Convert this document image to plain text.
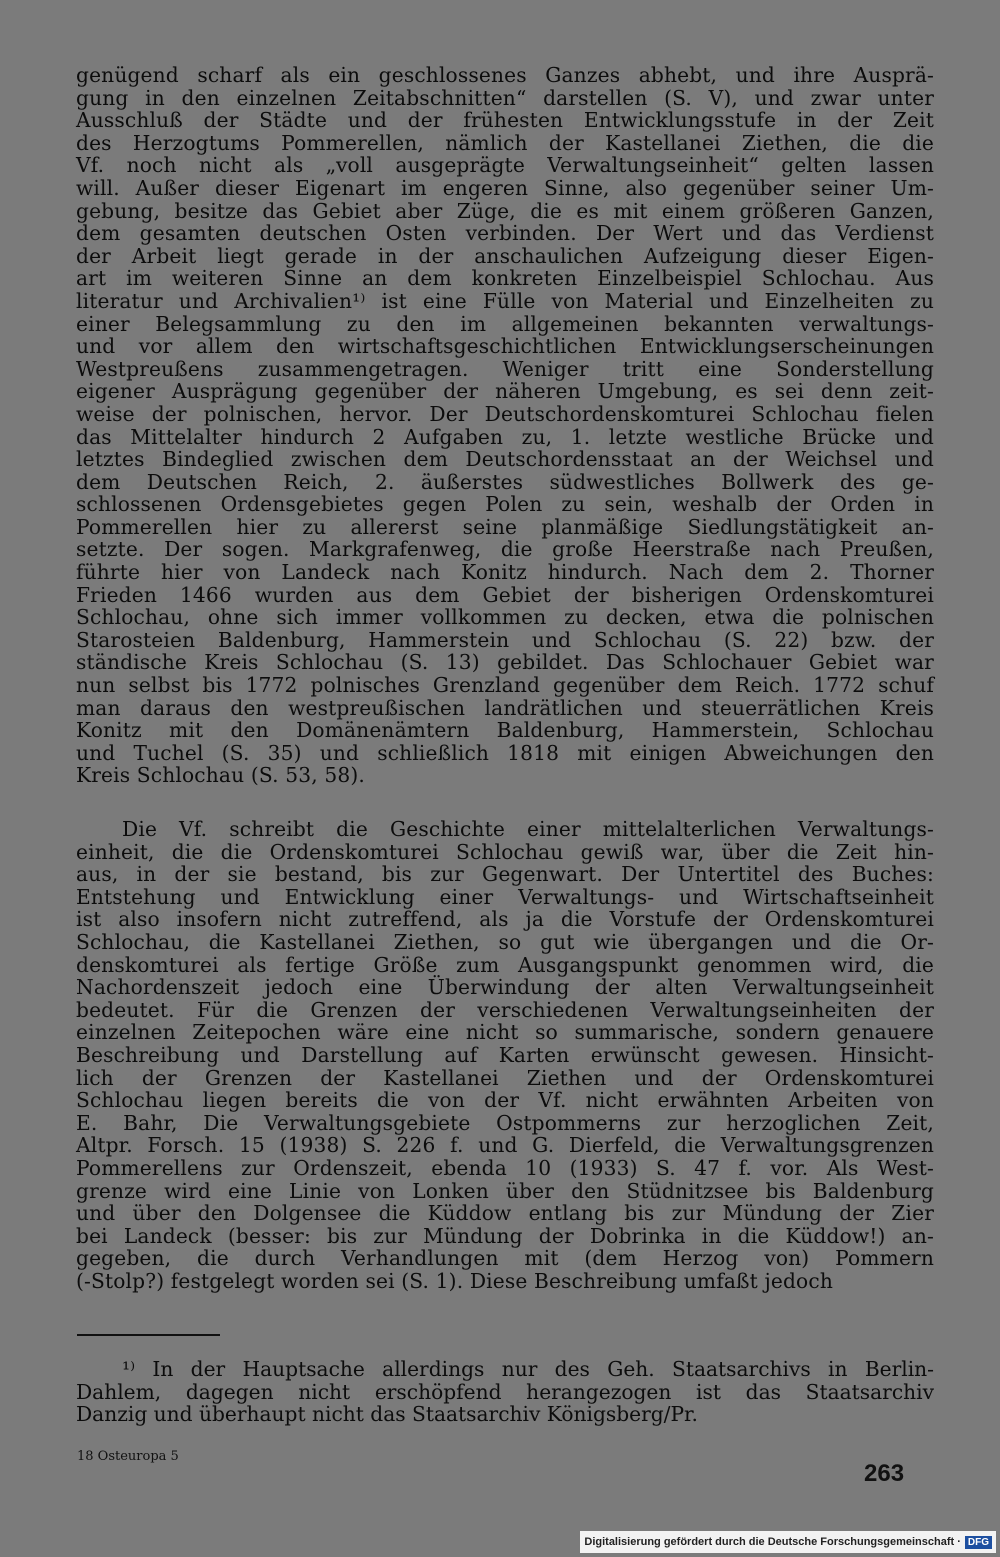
genügend scharf als ein geschlossenes Ganzes abhebt, und ihre Ausprä-
gung in den einzelnen Zeitabschnitten“ darstellen (S. V), und zwar unter
Ausschluß der Städte und der frühesten Entwicklungsstufe in der Zeit
des Herzogtums Pommerellen, nämlich der Kastellanei Ziethen, die die
Vf. noch nicht als „voll ausgeprägte Verwaltungseinheit“ gelten lassen
will. Außer dieser Eigenart im engeren Sinne, also gegenüber seiner Um-
gebung, besitze das Gebiet aber Züge, die es mit einem größeren Ganzen,
dem gesamten deutschen Osten verbinden. Der Wert und das Verdienst
der Arbeit liegt gerade in der anschaulichen Aufzeigung dieser Eigen-
art im weiteren Sinne an dem konkreten Einzelbeispiel Schlochau. Aus
literatur und Archivalien¹⁾ ist eine Fülle von Material und Einzelheiten zu
einer Belegsammlung zu den im allgemeinen bekannten verwaltungs-
und vor allem den wirtschaftsgeschichtlichen Entwicklungserscheinungen
Westpreußens zusammengetragen. Weniger tritt eine Sonderstellung
eigener Ausprägung gegenüber der näheren Umgebung, es sei denn zeit-
weise der polnischen, hervor. Der Deutschordenskomturei Schlochau fielen
das Mittelalter hindurch 2 Aufgaben zu, 1. letzte westliche Brücke und
letztes Bindeglied zwischen dem Deutschordensstaat an der Weichsel und
dem Deutschen Reich, 2. äußerstes südwestliches Bollwerk des ge-
schlossenen Ordensgebietes gegen Polen zu sein, weshalb der Orden in
Pommerellen hier zu allererst seine planmäßige Siedlungstätigkeit an-
setzte. Der sogen. Markgrafenweg, die große Heerstraße nach Preußen,
führte hier von Landeck nach Konitz hindurch. Nach dem 2. Thorner
Frieden 1466 wurden aus dem Gebiet der bisherigen Ordenskomturei
Schlochau, ohne sich immer vollkommen zu decken, etwa die polnischen
Starosteien Baldenburg, Hammerstein und Schlochau (S. 22) bzw. der
ständische Kreis Schlochau (S. 13) gebildet. Das Schlochauer Gebiet war
nun selbst bis 1772 polnisches Grenzland gegenüber dem Reich. 1772 schuf
man daraus den westpreußischen landrätlichen und steuerrätlichen Kreis
Konitz mit den Domänenämtern Baldenburg, Hammerstein, Schlochau
und Tuchel (S. 35) und schließlich 1818 mit einigen Abweichungen den
Kreis Schlochau (S. 53, 58).
Die Vf. schreibt die Geschichte einer mittelalterlichen Verwaltungs-
einheit, die die Ordenskomturei Schlochau gewiß war, über die Zeit hin-
aus, in der sie bestand, bis zur Gegenwart. Der Untertitel des Buches:
Entstehung und Entwicklung einer Verwaltungs- und Wirtschaftseinheit
ist also insofern nicht zutreffend, als ja die Vorstufe der Ordenskomturei
Schlochau, die Kastellanei Ziethen, so gut wie übergangen und die Or-
denskomturei als fertige Größe zum Ausgangspunkt genommen wird, die
Nachordenszeit jedoch eine Überwindung der alten Verwaltungseinheit
bedeutet. Für die Grenzen der verschiedenen Verwaltungseinheiten der
einzelnen Zeitepochen wäre eine nicht so summarische, sondern genauere
Beschreibung und Darstellung auf Karten erwünscht gewesen. Hinsicht-
lich der Grenzen der Kastellanei Ziethen und der Ordenskomturei
Schlochau liegen bereits die von der Vf. nicht erwähnten Arbeiten von
E. Bahr, Die Verwaltungsgebiete Ostpommerns zur herzoglichen Zeit,
Altpr. Forsch. 15 (1938) S. 226 f. und G. Dierfeld, die Verwaltungsgrenzen
Pommerellens zur Ordenszeit, ebenda 10 (1933) S. 47 f. vor. Als West-
grenze wird eine Linie von Lonken über den Stüdnitzsee bis Baldenburg
und über den Dolgensee die Küddow entlang bis zur Mündung der Zier
bei Landeck (besser: bis zur Mündung der Dobrinka in die Küddow!) an-
gegeben, die durch Verhandlungen mit (dem Herzog von) Pommern
(-Stolp?) festgelegt worden sei (S. 1). Diese Beschreibung umfaßt jedoch
¹⁾ In der Hauptsache allerdings nur des Geh. Staatsarchivs in Berlin-
Dahlem, dagegen nicht erschöpfend herangezogen ist das Staatsarchiv
Danzig und überhaupt nicht das Staatsarchiv Königsberg/Pr.
18 Osteuropa 5
263
Digitalisierung gefördert durch die Deutsche Forschungsgemeinschaft · DFG
